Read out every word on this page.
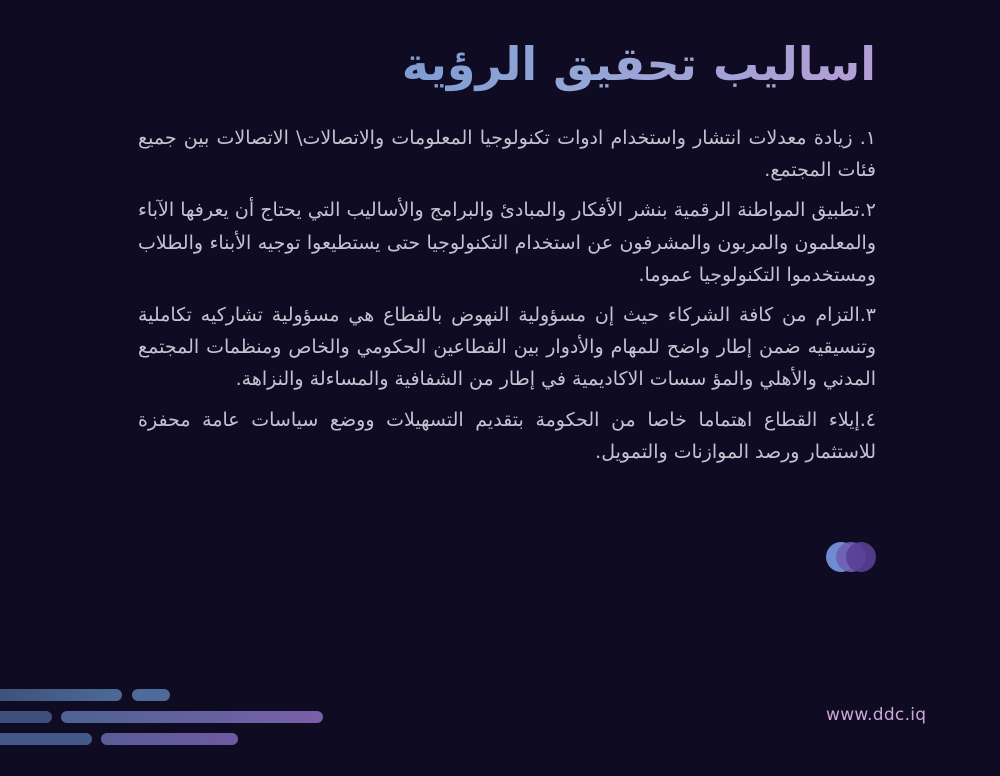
اساليب تحقيق الرؤية

١. زيادة معدلات انتشار واستخدام ادوات تكنولوجيا المعلومات والاتصالات\ الاتصالات بين جميع فئات المجتمع.

٢.تطبيق المواطنة الرقمية بنشر الأفكار والمبادئ والبرامج والأساليب التي يحتاج أن يعرفها الآباء والمعلمون والمربون والمشرفون عن استخدام التكنولوجيا حتى يستطيعوا توجيه الأبناء والطلاب ومستخدموا التكنولوجيا عموما.

٣.التزام من كافة الشركاء حيث إن مسؤولية النهوض بالقطاع هي مسؤولية تشاركيه تكاملية وتنسيقيه ضمن إطار واضح للمهام والأدوار بين القطاعين الحكومي والخاص ومنظمات المجتمع المدني والأهلي والمؤ سسات الاكاديمية في إطار من الشفافية والمساءلة والنزاهة.

٤.إيلاء القطاع اهتماما خاصا من الحكومة بتقديم التسهيلات ووضع سياسات عامة محفزة للاستثمار ورصد الموازنات والتمويل.

www.ddc.iq
